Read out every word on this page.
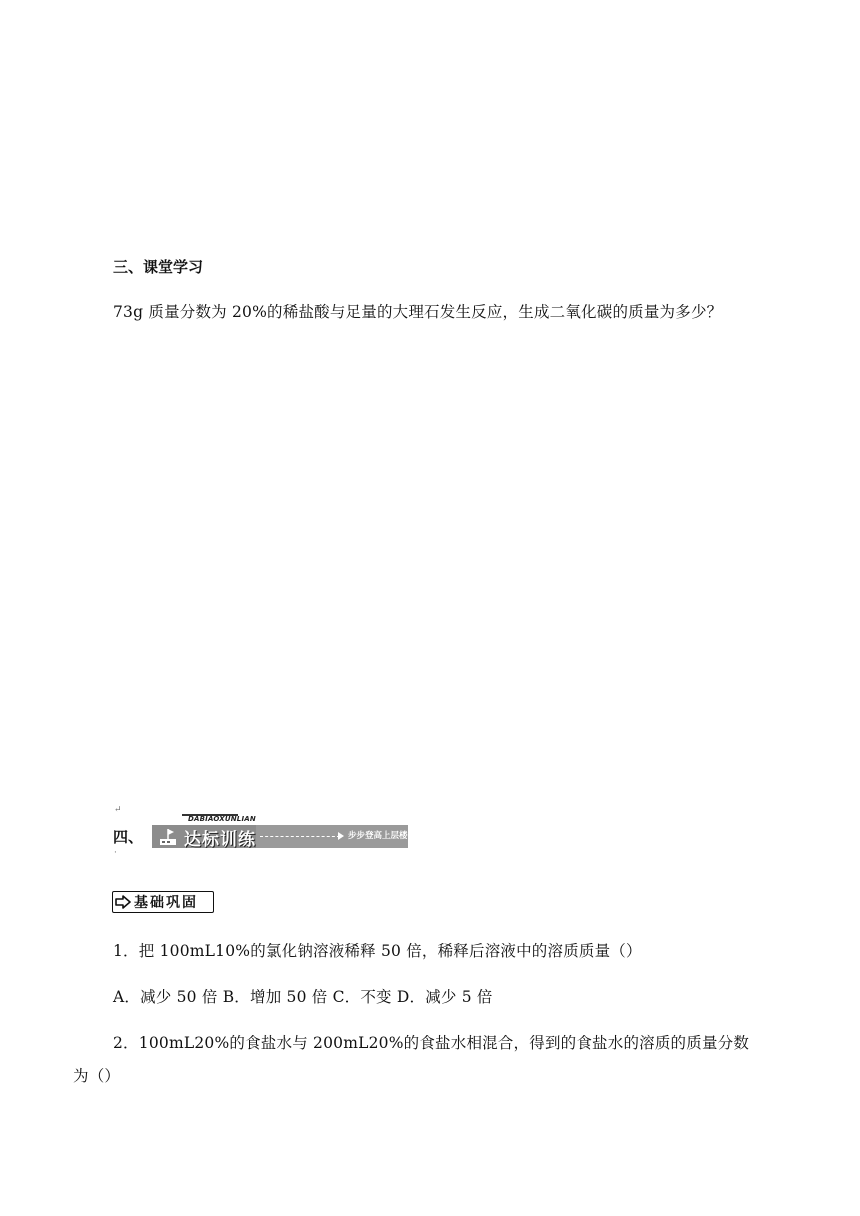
三、课堂学习
73g 质量分数为 20%的稀盐酸与足量的大理石发生反应，生成二氧化碳的质量为多少？
↵
四、
·
DABIAOXUNLIAN
达标训练	步步登高上层楼
基础巩固
1．把 100mL10%的氯化钠溶液稀释 50 倍，稀释后溶液中的溶质质量（）
A．减少 50 倍 B．增加 50 倍 C．不变 D．减少 5 倍
2．100mL20%的食盐水与 200mL20%的食盐水相混合，得到的食盐水的溶质的质量分数
为（）
